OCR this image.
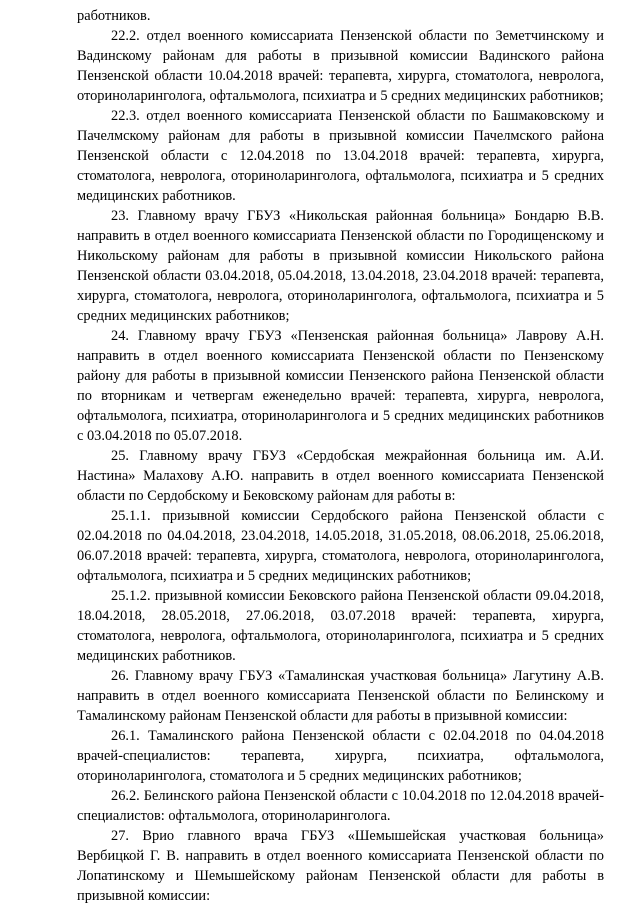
работников.

22.2. отдел военного комиссариата Пензенской области по Земетчинскому и Вадинскому районам для работы в призывной комиссии Вадинского района Пензенской области 10.04.2018 врачей: терапевта, хирурга, стоматолога, невролога, оториноларинголога, офтальмолога, психиатра и 5 средних медицинских работников;

22.3. отдел военного комиссариата Пензенской области по Башмаковскому и Пачелмскому районам для работы в призывной комиссии Пачелмского района Пензенской области с 12.04.2018 по 13.04.2018 врачей: терапевта, хирурга, стоматолога, невролога, оториноларинголога, офтальмолога, психиатра и 5 средних медицинских работников.

23. Главному врачу ГБУЗ «Никольская районная больница» Бондарю В.В. направить в отдел военного комиссариата Пензенской области по Городищенскому и Никольскому районам для работы в призывной комиссии Никольского района Пензенской области 03.04.2018, 05.04.2018, 13.04.2018, 23.04.2018 врачей: терапевта, хирурга, стоматолога, невролога, оториноларинголога, офтальмолога, психиатра и 5 средних медицинских работников;

24. Главному врачу ГБУЗ «Пензенская районная больница» Лаврову А.Н. направить в отдел военного комиссариата Пензенской области по Пензенскому району для работы в призывной комиссии Пензенского района Пензенской области по вторникам и четвергам еженедельно врачей: терапевта, хирурга, невролога, офтальмолога, психиатра, оториноларинголога и 5 средних медицинских работников с 03.04.2018 по 05.07.2018.

25. Главному врачу ГБУЗ «Сердобская межрайонная больница им. А.И. Настина» Малахову А.Ю. направить в отдел военного комиссариата Пензенской области по Сердобскому и Бековскому районам для работы в:

25.1.1. призывной комиссии Сердобского района Пензенской области с 02.04.2018 по 04.04.2018, 23.04.2018, 14.05.2018, 31.05.2018, 08.06.2018, 25.06.2018, 06.07.2018 врачей: терапевта, хирурга, стоматолога, невролога, оториноларинголога, офтальмолога, психиатра и 5 средних медицинских работников;

25.1.2. призывной комиссии Бековского района Пензенской области 09.04.2018, 18.04.2018, 28.05.2018, 27.06.2018, 03.07.2018 врачей: терапевта, хирурга, стоматолога, невролога, офтальмолога, оториноларинголога, психиатра и 5 средних медицинских работников.

26. Главному врачу ГБУЗ «Тамалинская участковая больница» Лагутину А.В. направить в отдел военного комиссариата Пензенской области по Белинскому и Тамалинскому районам Пензенской области для работы в призывной комиссии:

26.1. Тамалинского района Пензенской области с 02.04.2018 по 04.04.2018 врачей-специалистов: терапевта, хирурга, психиатра, офтальмолога, оториноларинголога, стоматолога и 5 средних медицинских работников;

26.2. Белинского района Пензенской области с 10.04.2018 по 12.04.2018 врачей-специалистов: офтальмолога, оториноларинголога.

27. Врио главного врача ГБУЗ «Шемышейская участковая больница» Вербицкой Г. В. направить в отдел военного комиссариата Пензенской области по Лопатинскому и Шемышейскому районам Пензенской области для работы в призывной комиссии:
